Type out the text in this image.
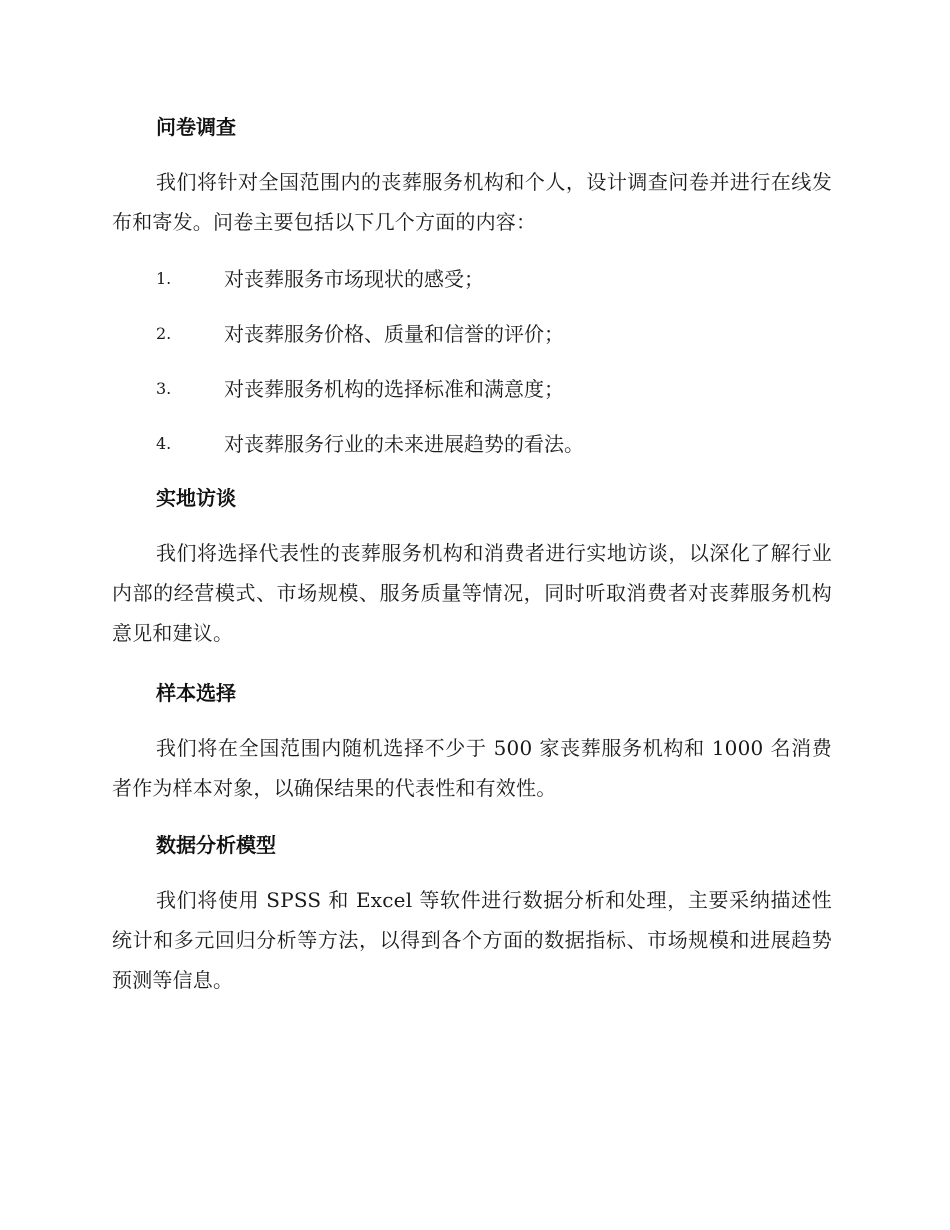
问卷调查
我们将针对全国范围内的丧葬服务机构和个人，设计调查问卷并进行在线发布和寄发。问卷主要包括以下几个方面的内容：
1.	对丧葬服务市场现状的感受；
2.	对丧葬服务价格、质量和信誉的评价；
3.	对丧葬服务机构的选择标准和满意度；
4.	对丧葬服务行业的未来进展趋势的看法。
实地访谈
我们将选择代表性的丧葬服务机构和消费者进行实地访谈，以深化了解行业内部的经营模式、市场规模、服务质量等情况，同时听取消费者对丧葬服务机构意见和建议。
样本选择
我们将在全国范围内随机选择不少于 500 家丧葬服务机构和 1000 名消费者作为样本对象，以确保结果的代表性和有效性。
数据分析模型
我们将使用 SPSS 和 Excel 等软件进行数据分析和处理，主要采纳描述性统计和多元回归分析等方法，以得到各个方面的数据指标、市场规模和进展趋势预测等信息。
